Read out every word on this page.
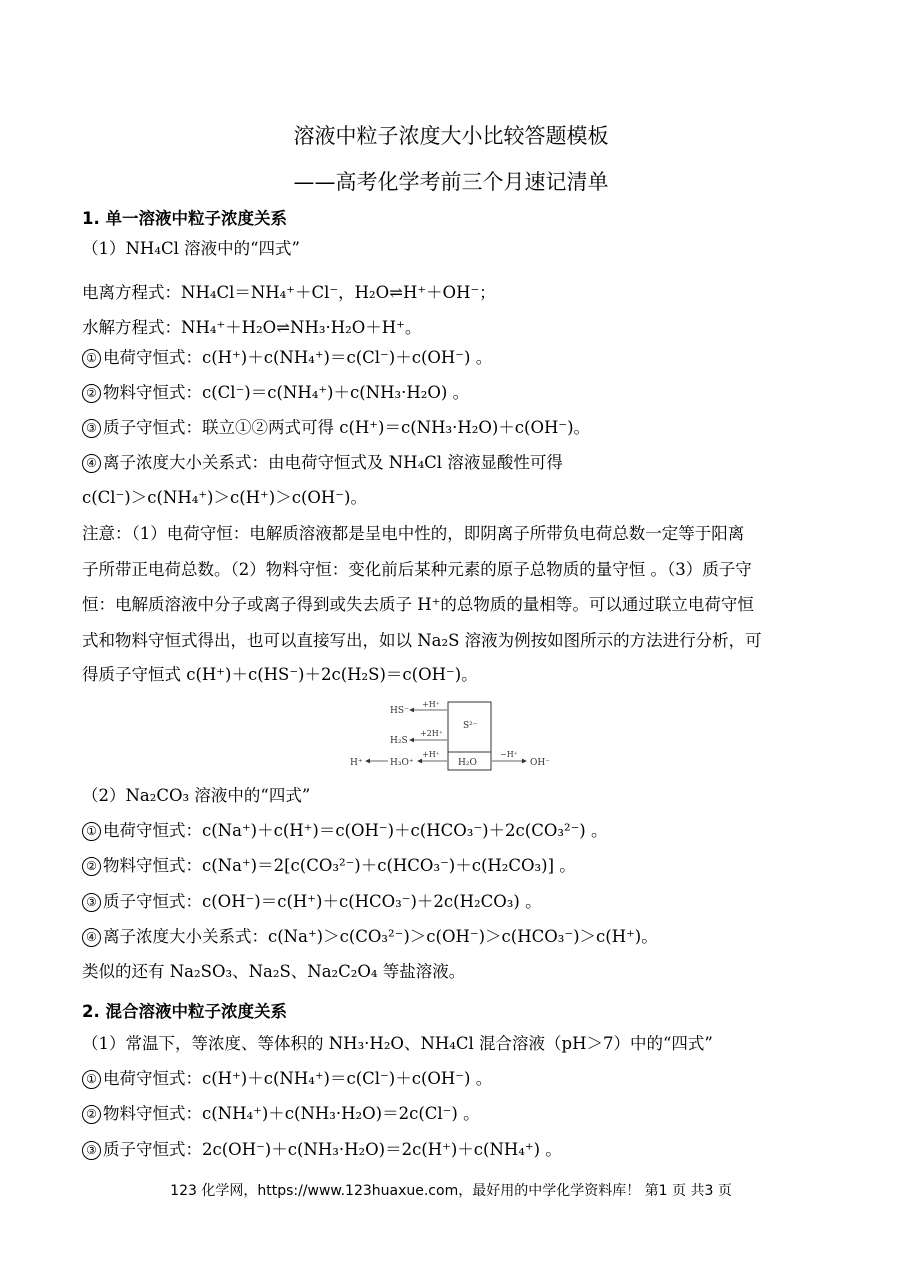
溶液中粒子浓度大小比较答题模板
——高考化学考前三个月速记清单
1. 单一溶液中粒子浓度关系
（1）NH₄Cl 溶液中的“四式”
电离方程式：NH₄Cl＝NH₄⁺＋Cl⁻，H₂O⇌H⁺＋OH⁻；
水解方程式：NH₄⁺＋H₂O⇌NH₃·H₂O＋H⁺。
① 电荷守恒式：c(H⁺)＋c(NH₄⁺)＝c(Cl⁻)＋c(OH⁻) 。
② 物料守恒式：c(Cl⁻)＝c(NH₄⁺)＋c(NH₃·H₂O) 。
③ 质子守恒式：联立①②两式可得 c(H⁺)＝c(NH₃·H₂O)＋c(OH⁻)。
④ 离子浓度大小关系式：由电荷守恒式及 NH₄Cl 溶液显酸性可得
c(Cl⁻)＞c(NH₄⁺)＞c(H⁺)＞c(OH⁻)。
注意：（1）电荷守恒：电解质溶液都是呈电中性的，即阴离子所带负电荷总数一定等于阳离
子所带正电荷总数。（2）物料守恒：变化前后某种元素的原子总物质的量守恒 。（3）质子守
恒：电解质溶液中分子或离子得到或失去质子 H⁺的总物质的量相等。可以通过联立电荷守恒
式和物料守恒式得出，也可以直接写出，如以 Na₂S 溶液为例按如图所示的方法进行分析，可
得质子守恒式 c(H⁺)＋c(HS⁻)＋2c(H₂S)＝c(OH⁻)。
S²⁻
H₂O
+H⁺
HS⁻
+2H⁺
H₂S
+H⁺
H₃O⁺
H⁺
−H⁺
OH⁻
（2）Na₂CO₃ 溶液中的“四式”
① 电荷守恒式：c(Na⁺)＋c(H⁺)＝c(OH⁻)＋c(HCO₃⁻)＋2c(CO₃²⁻) 。
② 物料守恒式：c(Na⁺)＝2[c(CO₃²⁻)＋c(HCO₃⁻)＋c(H₂CO₃)] 。
③ 质子守恒式：c(OH⁻)＝c(H⁺)＋c(HCO₃⁻)＋2c(H₂CO₃) 。
④ 离子浓度大小关系式：c(Na⁺)＞c(CO₃²⁻)＞c(OH⁻)＞c(HCO₃⁻)＞c(H⁺)。
类似的还有 Na₂SO₃、Na₂S、Na₂C₂O₄ 等盐溶液。
2. 混合溶液中粒子浓度关系
（1）常温下，等浓度、等体积的 NH₃·H₂O、NH₄Cl 混合溶液（pH＞7）中的“四式”
① 电荷守恒式：c(H⁺)＋c(NH₄⁺)＝c(Cl⁻)＋c(OH⁻) 。
② 物料守恒式：c(NH₄⁺)＋c(NH₃·H₂O)＝2c(Cl⁻) 。
③ 质子守恒式：2c(OH⁻)＋c(NH₃·H₂O)＝2c(H⁺)＋c(NH₄⁺) 。
123 化学网，https://www.123huaxue.com，最好用的中学化学资料库！ 第1 页 共3 页
